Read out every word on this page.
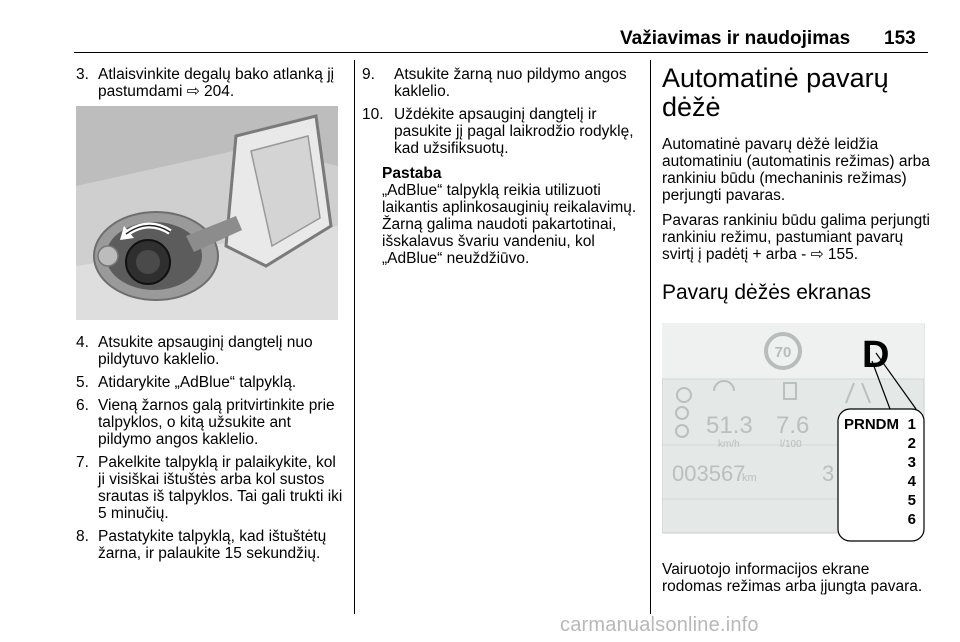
Važiavimas ir naudojimas 153
3. Atlaisvinkite degalų bako atlanką jį pastumdami ⇨ 204.
4. Atsukite apsauginį dangtelį nuo pildytuvo kaklelio.
5. Atidarykite „AdBlue“ talpyklą.
6. Vieną žarnos galą pritvirtinkite prie talpyklos, o kitą užsukite ant pildymo angos kaklelio.
7. Pakelkite talpyklą ir palaikykite, kol ji visiškai ištuštės arba kol sustos srautas iš talpyklos. Tai gali trukti iki 5 minučių.
8. Pastatykite talpyklą, kad ištuštėtų žarna, ir palaukite 15 sekundžių.
9.	Atsukite žarną nuo pildymo angos kaklelio.
10. Uždėkite apsauginį dangtelį ir pasukite jį pagal laikrodžio rodyklę, kad užsifiksuotų.
Pastaba
„AdBlue“ talpyklą reikia utilizuoti laikantis aplinkosauginių reikalavimų. Žarną galima naudoti pakartotinai, išskalavus švariu vandeniu, kol „AdBlue“ neuždžiūvo.
Automatinė pavarų dėžė
Automatinė pavarų dėžė leidžia automatiniu (automatinis režimas) arba rankiniu būdu (mechaninis režimas) perjungti pavaras.
Pavaras rankiniu būdu galima perjungti rankiniu režimu, pastumiant pavarų svirtį į padėtį + arba - ⇨ 155.
Pavarų dėžės ekranas
70 D
51.3
km/h
7.6
l/100
003567
km	3
PRNDM 1
2
3
4
5
6
Vairuotojo informacijos ekrane rodomas režimas arba įjungta pavara.
carmanualsonline.info
